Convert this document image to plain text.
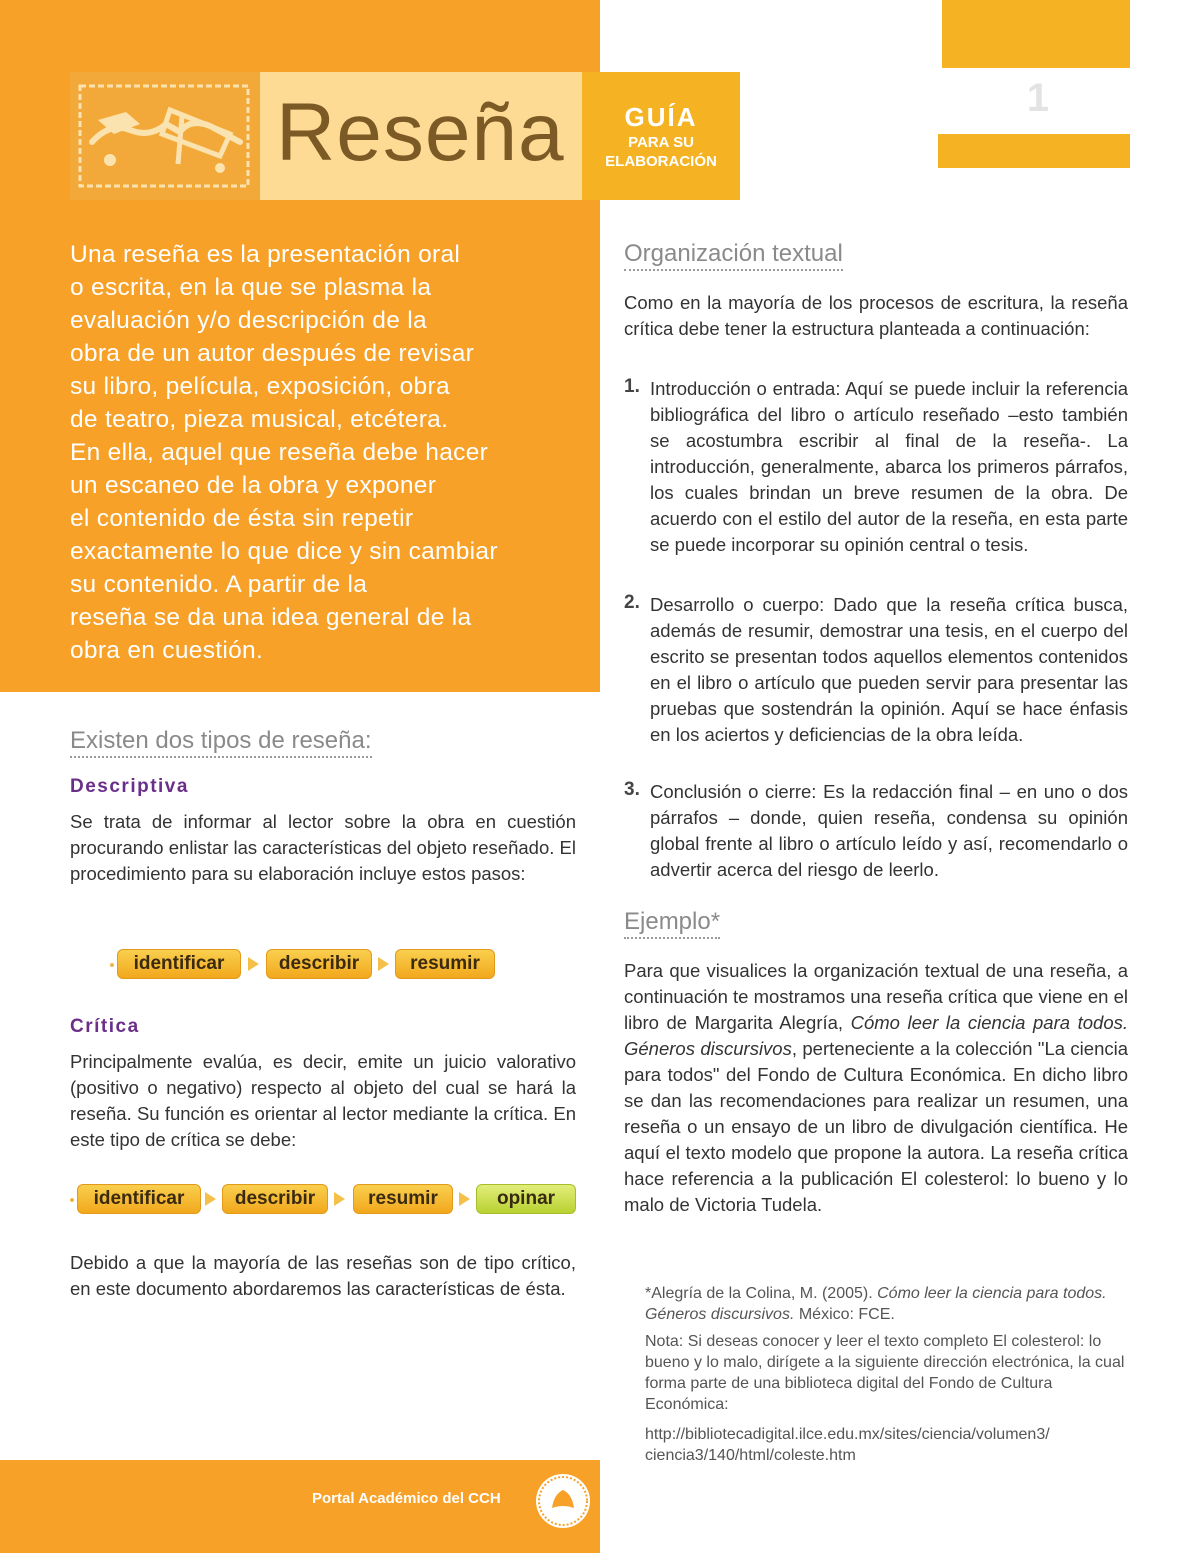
1
Reseña	GUÍA
PARA SU
ELABORACIÓN
Una reseña es la presentación oral
o escrita, en la que se plasma la
evaluación y/o descripción de la
obra de un autor después de revisar
su libro, película, exposición, obra
de teatro, pieza musical, etcétera.
En ella, aquel que reseña debe hacer
un escaneo de la obra y exponer
el contenido de ésta sin repetir
exactamente lo que dice y sin cambiar
su contenido. A partir de la
reseña se da una idea general de la
obra en cuestión.
Existen dos tipos de reseña:
Descriptiva
Se trata de informar al lector sobre la obra en cuestión procurando enlistar las características del objeto reseñado. El procedimiento para su elaboración incluye estos pasos:
identificar	describir	resumir
Crítica
Principalmente evalúa, es decir, emite un juicio valorativo (positivo o negativo) respecto al objeto del cual se hará la reseña. Su función es orientar al lector mediante la crítica. En este tipo de crítica se debe:
identificar	describir	resumir	opinar
Debido a que la mayoría de las reseñas son de tipo crítico, en este documento abordaremos las características de ésta.
Organización textual
Como en la mayoría de los procesos de escritura, la reseña crítica debe tener la estructura planteada a continuación:
1. Introducción o entrada: Aquí se puede incluir la referencia bibliográfica del libro o artículo reseñado –esto también se acostumbra escribir al final de la reseña-. La introducción, generalmente, abarca los primeros párrafos, los cuales brindan un breve resumen de la obra. De acuerdo con el estilo del autor de la reseña, en esta parte se puede incorporar su opinión central o tesis.
2. Desarrollo o cuerpo: Dado que la reseña crítica busca, además de resumir, demostrar una tesis, en el cuerpo del escrito se presentan todos aquellos elementos contenidos en el libro o artículo que pueden servir para presentar las pruebas que sostendrán la opinión. Aquí se hace énfasis en los aciertos y deficiencias de la obra leída.
3. Conclusión o cierre: Es la redacción final – en uno o dos párrafos – donde, quien reseña, condensa su opinión global frente al libro o artículo leído y así, recomendarlo o advertir acerca del riesgo de leerlo.
Ejemplo*
Para que visualices la organización textual de una reseña, a continuación te mostramos una reseña crítica que viene en el libro de Margarita Alegría, Cómo leer la ciencia para todos. Géneros discursivos, perteneciente a la colección "La ciencia para todos" del Fondo de Cultura Económica. En dicho libro se dan las recomendaciones para realizar un resumen, una reseña o un ensayo de un libro de divulgación científica. He aquí el texto modelo que propone la autora. La reseña crítica hace referencia a la publicación El colesterol: lo bueno y lo malo de Victoria Tudela.
*Alegría de la Colina, M. (2005). Cómo leer la ciencia para todos. Géneros discursivos. México: FCE.
Nota: Si deseas conocer y leer el texto completo El colesterol: lo bueno y lo malo, dirígete a la siguiente dirección electrónica, la cual forma parte de una biblioteca digital del Fondo de Cultura Económica:
http://bibliotecadigital.ilce.edu.mx/sites/ciencia/volumen3/
ciencia3/140/html/coleste.htm
Portal Académico del CCH
